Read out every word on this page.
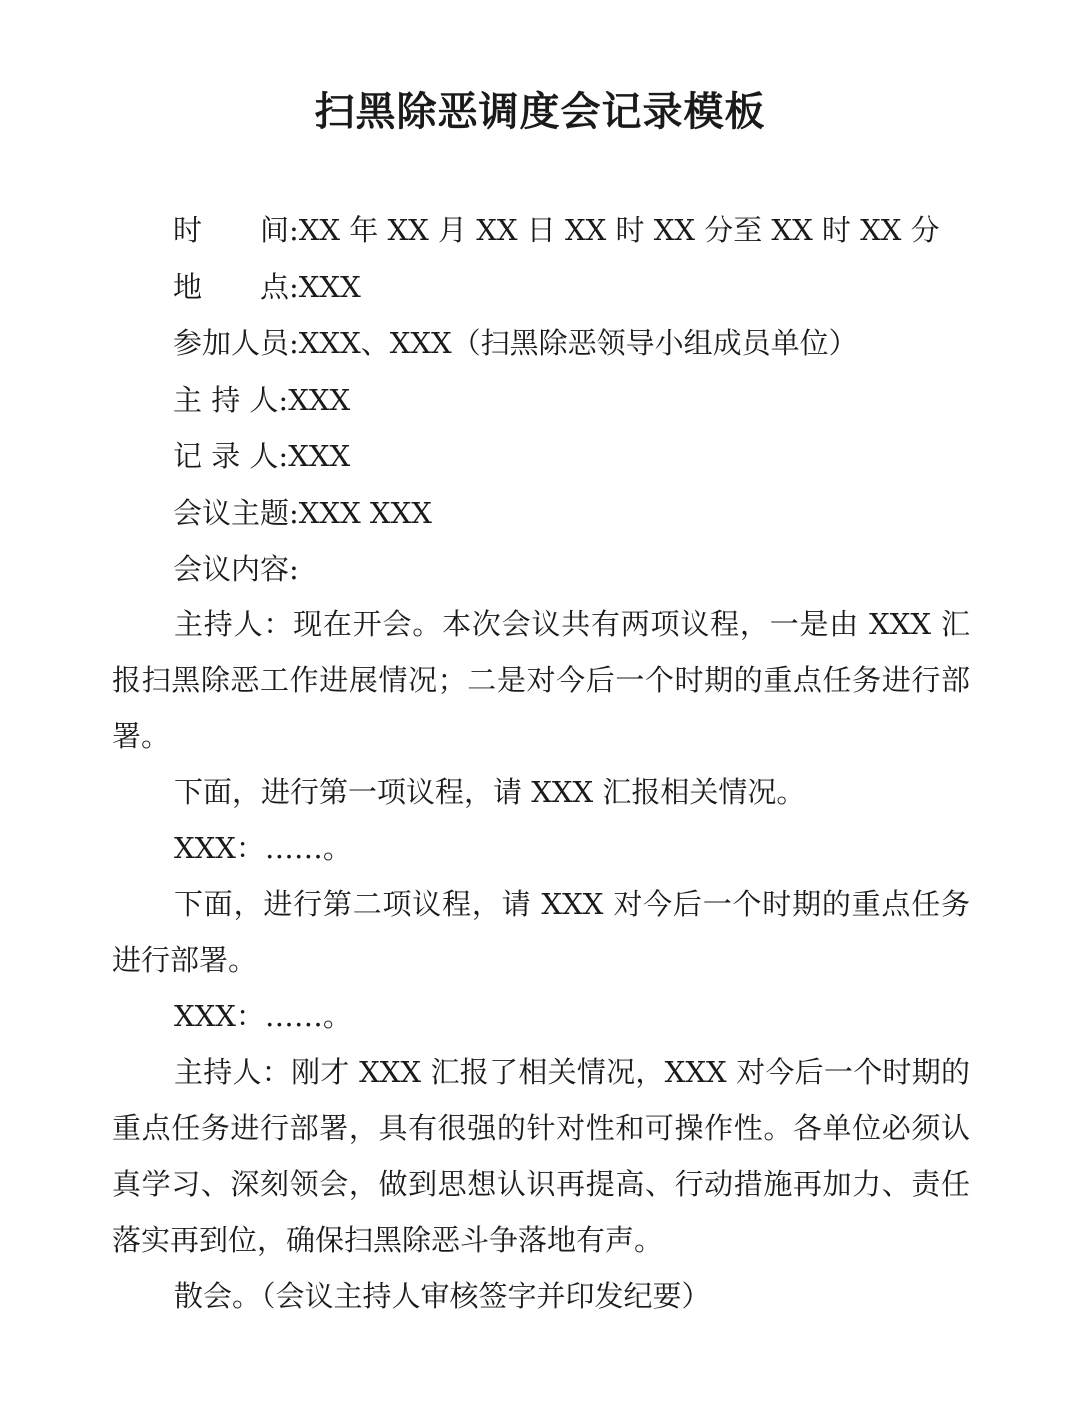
扫黑除恶调度会记录模板
时　　间:XX 年 XX 月 XX 日 XX 时 XX 分至 XX 时 XX 分
地　　点:XXX
参加人员:XXX、XXX（扫黑除恶领导小组成员单位）
主 持 人:XXX
记 录 人:XXX
会议主题:XXX XXX
会议内容:

主持人：现在开会。本次会议共有两项议程，一是由 XXX 汇报扫黑除恶工作进展情况；二是对今后一个时期的重点任务进行部署。

下面，进行第一项议程，请 XXX 汇报相关情况。

XXX：……。

下面，进行第二项议程，请 XXX 对今后一个时期的重点任务进行部署。

XXX：……。

主持人：刚才 XXX 汇报了相关情况，XXX 对今后一个时期的重点任务进行部署，具有很强的针对性和可操作性。各单位必须认真学习、深刻领会，做到思想认识再提高、行动措施再加力、责任落实再到位，确保扫黑除恶斗争落地有声。

散会。（会议主持人审核签字并印发纪要）
